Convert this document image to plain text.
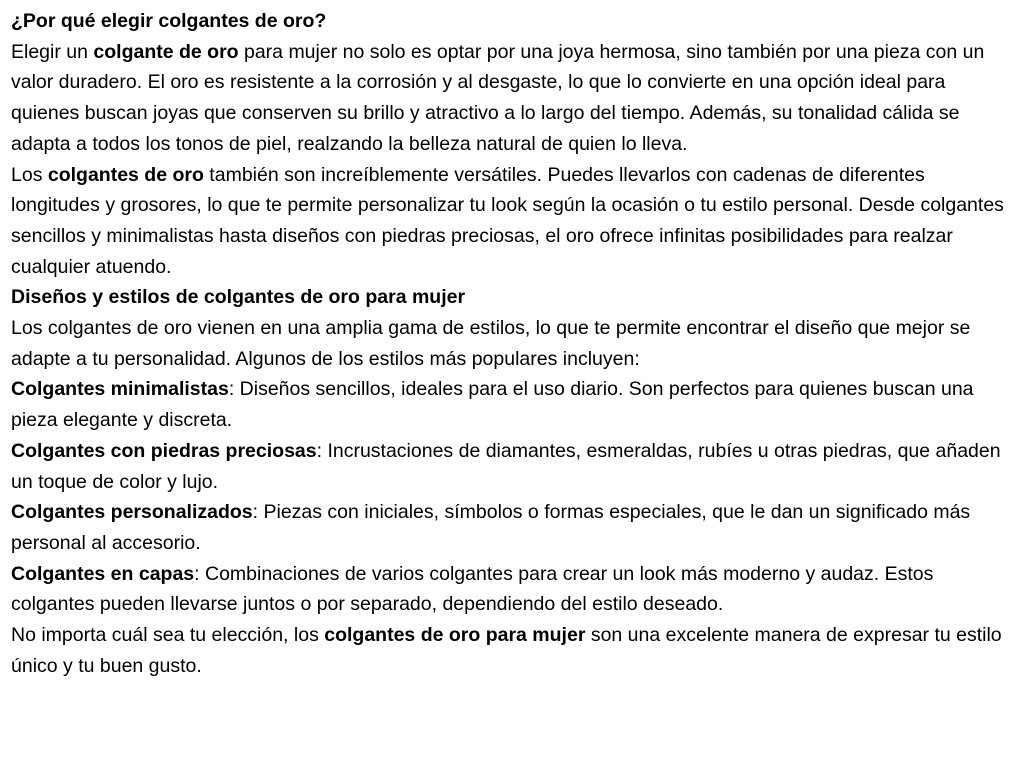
¿Por qué elegir colgantes de oro?

Elegir un colgante de oro para mujer no solo es optar por una joya hermosa, sino también por una pieza con un valor duradero. El oro es resistente a la corrosión y al desgaste, lo que lo convierte en una opción ideal para quienes buscan joyas que conserven su brillo y atractivo a lo largo del tiempo. Además, su tonalidad cálida se adapta a todos los tonos de piel, realzando la belleza natural de quien lo lleva.

Los colgantes de oro también son increíblemente versátiles. Puedes llevarlos con cadenas de diferentes longitudes y grosores, lo que te permite personalizar tu look según la ocasión o tu estilo personal. Desde colgantes sencillos y minimalistas hasta diseños con piedras preciosas, el oro ofrece infinitas posibilidades para realzar cualquier atuendo.

Diseños y estilos de colgantes de oro para mujer

Los colgantes de oro vienen en una amplia gama de estilos, lo que te permite encontrar el diseño que mejor se adapte a tu personalidad. Algunos de los estilos más populares incluyen:

Colgantes minimalistas: Diseños sencillos, ideales para el uso diario. Son perfectos para quienes buscan una pieza elegante y discreta.

Colgantes con piedras preciosas: Incrustaciones de diamantes, esmeraldas, rubíes u otras piedras, que añaden un toque de color y lujo.

Colgantes personalizados: Piezas con iniciales, símbolos o formas especiales, que le dan un significado más personal al accesorio.

Colgantes en capas: Combinaciones de varios colgantes para crear un look más moderno y audaz. Estos colgantes pueden llevarse juntos o por separado, dependiendo del estilo deseado.

No importa cuál sea tu elección, los colgantes de oro para mujer son una excelente manera de expresar tu estilo único y tu buen gusto.
